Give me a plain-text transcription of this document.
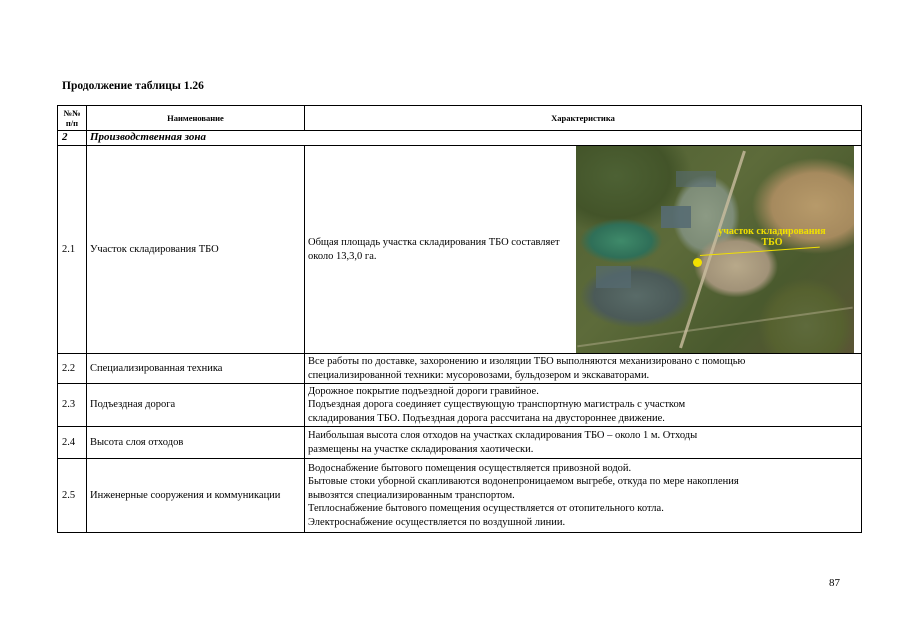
Продолжение таблицы 1.26
№№ п/п	Наименование	Характеристика
2	Производственная зона	
2.1	Участок складирования ТБО	Общая площадь участка складирования ТБО составляет около 13,3,0 га.
участок складирования ТБО

2.2	Специализированная техника	Все работы по доставке, захоронению и изоляции ТБО выполняются механизировано с помощью
специализированной техники: мусоровозами, бульдозером и экскаваторами.

2.3	Подъездная дорога	Дорожное покрытие подъездной дороги гравийное.
Подъездная дорога соединяет существующую транспортную магистраль с участком
складирования ТБО. Подъездная дорога рассчитана на двустороннее движение.

2.4	Высота слоя отходов	Наибольшая высота слоя отходов на участках складирования ТБО – около 1 м. Отходы
размещены на участке складирования хаотически.

2.5	Инженерные сооружения и коммуникации	Водоснабжение бытового помещения осуществляется привозной водой.
Бытовые стоки уборной скапливаются водонепроницаемом выгребе, откуда по мере накопления
вывозятся специализированным транспортом.
Теплоснабжение бытового помещения осуществляется от отопительного котла.
Электроснабжение осуществляется по воздушной линии.
87
